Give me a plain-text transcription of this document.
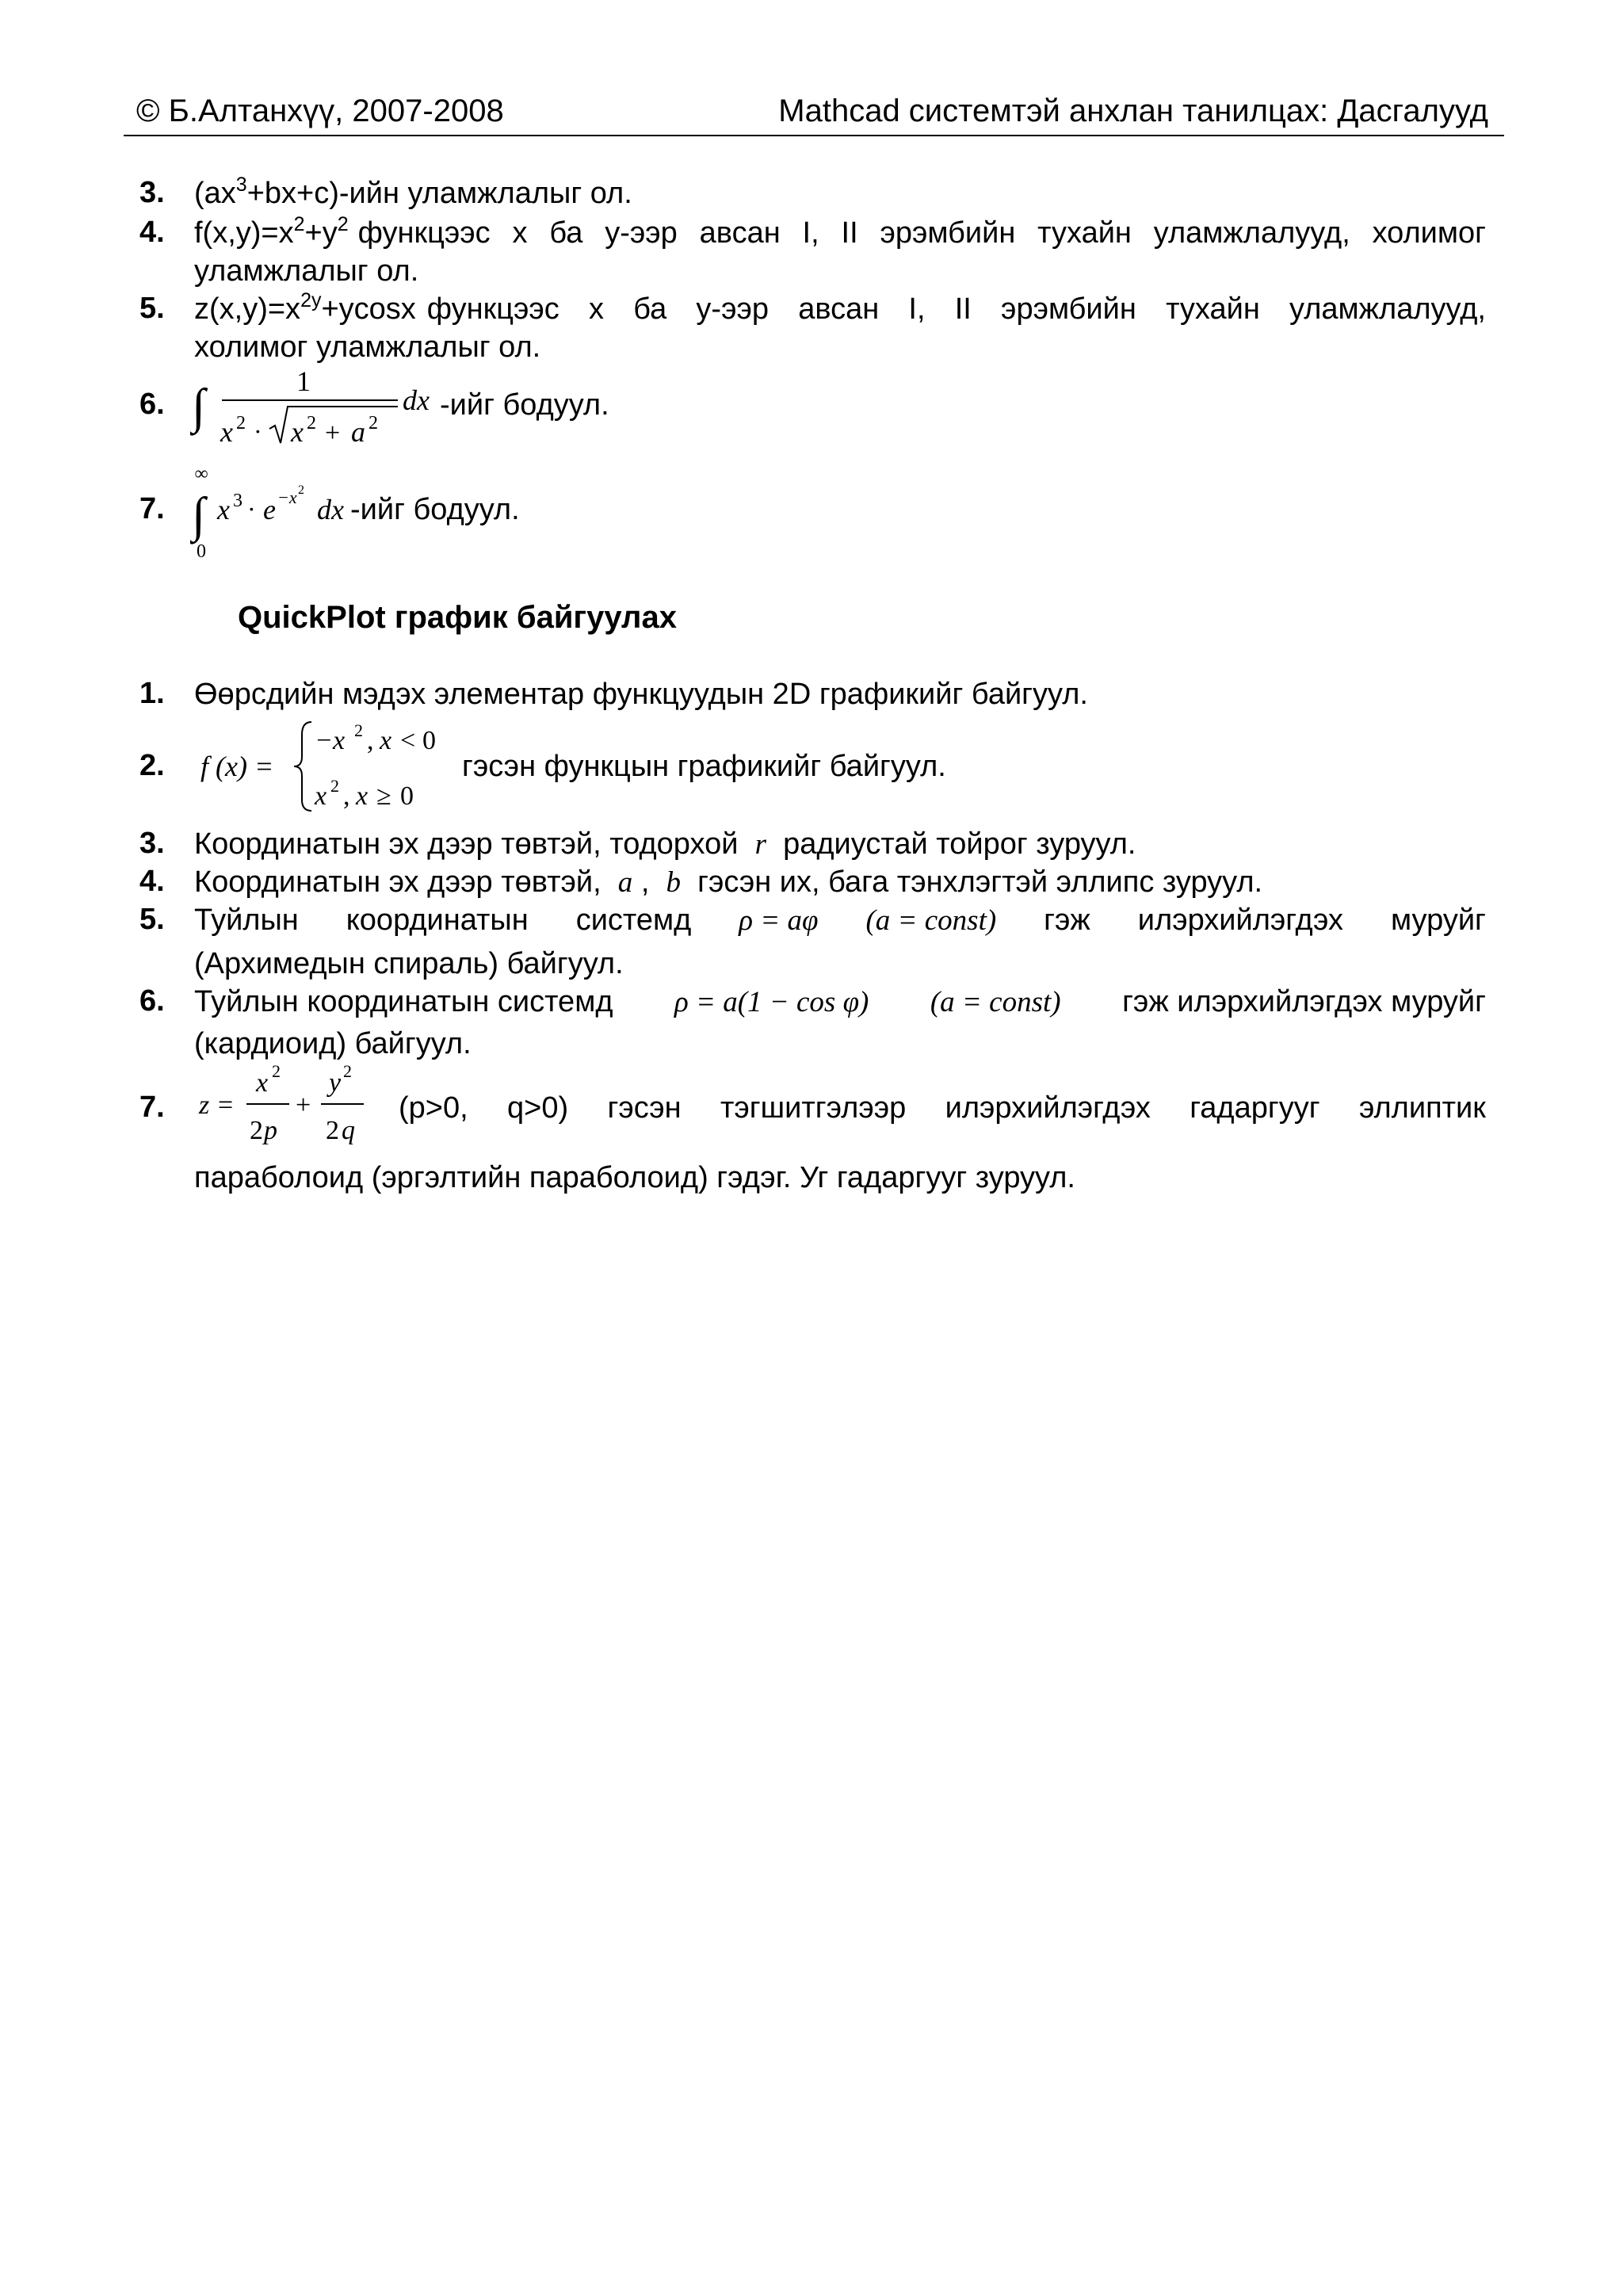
© Б.Алтанхүү, 2007-2008	Mathcad системтэй анхлан танилцах: Дасгалууд
3. $(ax^3+bx+c)$-ийн уламжлалыг ол.
4. $f(x,y)=x^2+y^2$ функцээс х ба у-ээр авсан I, II эрэмбийн тухайн уламжлалууд, холимог
уламжлалыг ол.
5. $z(x,y)=x^{2y}+ycosx$ функцээс х ба у-ээр авсан I, II эрэмбийн тухайн уламжлалууд,
холимог уламжлалыг ол.
6. ∫	1
x 2 · x 2 + a 2
dx -ийг бодуул.
7.
∞
∫
0
x 3 · e −x 2
dx -ийг бодуул.
QuickPlot график байгуулах
1. Өөрсдийн мэдэх элементар функцуудын 2D графикийг байгуул.
2. f (x) =
−x 2 , x < 0
x 2 , x ≥ 0
гэсэн функцын графикийг байгуул.
3. Координатын эх дээр төвтэй, тодорхой r радиустай тойрог зуруул.
4. Координатын эх дээр төвтэй, a , b гэсэн их, бага тэнхлэгтэй эллипс зуруул.
5. Туйлын координатын системд ρ = aφ (a = const) гэж илэрхийлэгдэх муруйг
(Архимедын спираль) байгуул.
6. Туйлын координатын системд ρ = a(1 − cos φ) (a = const) гэж илэрхийлэгдэх муруйг
(кардиоид) байгуул.
7. z =
x 2
2 p
+
y 2
2 q
(p>0, q>0) гэсэн тэгшитгэлээр илэрхийлэгдэх гадаргууг эллиптик
параболоид (эргэлтийн параболоид) гэдэг. Уг гадаргууг зуруул.
